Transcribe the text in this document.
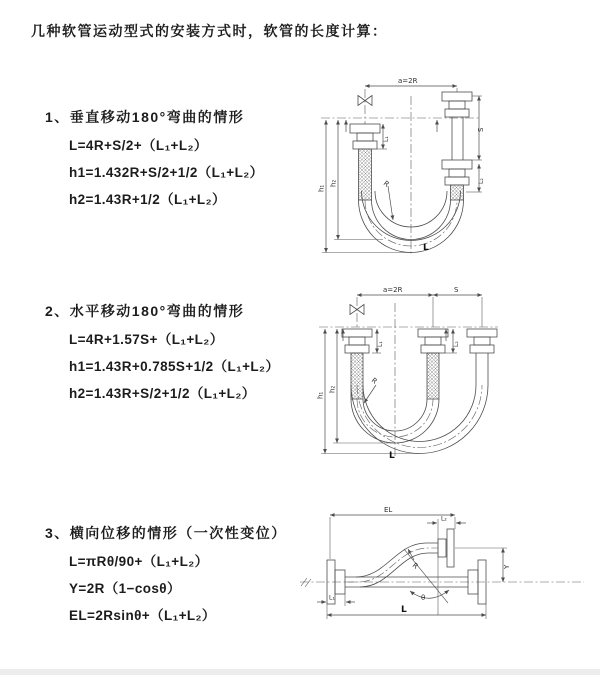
几种软管运动型式的安装方式时，软管的长度计算：
1、垂直移动180°弯曲的情形
L=4R+S/2+（L₁+L₂）
h1=1.432R+S/2+1/2（L₁+L₂）
h2=1.43R+1/2（L₁+L₂）
a=2R
S
L₂
h₁
h₂
L₁
R
L
2、水平移动180°弯曲的情形
L=4R+1.57S+（L₁+L₂）
h1=1.43R+0.785S+1/2（L₁+L₂）
h2=1.43R+S/2+1/2（L₁+L₂）
a=2R	S
h₁
h₂
L₁	L₂
R
L
3、横向位移的情形（一次性变位）
L=πRθ/90+（L₁+L₂）
Y=2R（1−cosθ）
EL=2Rsinθ+（L₁+L₂）
EL
L₂
Y
R
θ
L
L₁
